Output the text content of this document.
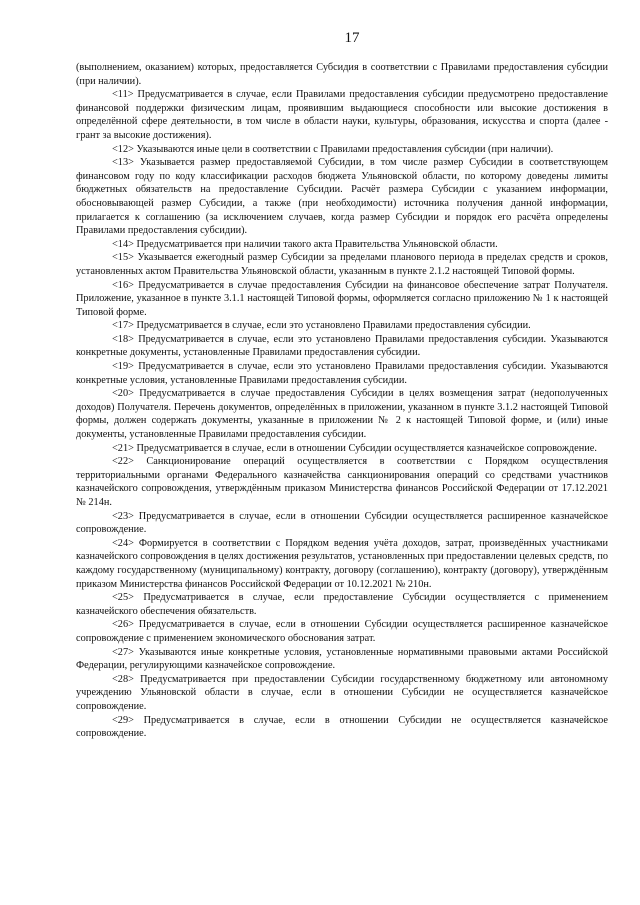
17

(выполнением, оказанием) которых, предоставляется Субсидия в соответствии с Правилами предоставления субсидии (при наличии).

<11> Предусматривается в случае, если Правилами предоставления субсидии предусмотрено предоставление финансовой поддержки физическим лицам, проявившим выдающиеся способности или высокие достижения в определённой сфере деятельности, в том числе в области науки, культуры, образования, искусства и спорта (далее - грант за высокие достижения).

<12> Указываются иные цели в соответствии с Правилами предоставления субсидии (при наличии).

<13> Указывается размер предоставляемой Субсидии, в том числе размер Субсидии в соответствующем финансовом году по коду классификации расходов бюджета Ульяновской области, по которому доведены лимиты бюджетных обязательств на предоставление Субсидии. Расчёт размера Субсидии с указанием информации, обосновывающей размер Субсидии, а также (при необходимости) источника получения данной информации, прилагается к соглашению (за исключением случаев, когда размер Субсидии и порядок его расчёта определены Правилами предоставления субсидии).

<14> Предусматривается при наличии такого акта Правительства Ульяновской области.

<15> Указывается ежегодный размер Субсидии за пределами планового периода в пределах средств и сроков, установленных актом Правительства Ульяновской области, указанным в пункте 2.1.2 настоящей Типовой формы.

<16> Предусматривается в случае предоставления Субсидии на финансовое обеспечение затрат Получателя. Приложение, указанное в пункте 3.1.1 настоящей Типовой формы, оформляется согласно приложению № 1 к настоящей Типовой форме.

<17> Предусматривается в случае, если это установлено Правилами предоставления субсидии.

<18> Предусматривается в случае, если это установлено Правилами предоставления субсидии. Указываются конкретные документы, установленные Правилами предоставления субсидии.

<19> Предусматривается в случае, если это установлено Правилами предоставления субсидии. Указываются конкретные условия, установленные Правилами предоставления субсидии.

<20> Предусматривается в случае предоставления Субсидии в целях возмещения затрат (недополученных доходов) Получателя. Перечень документов, определённых в приложении, указанном в пункте 3.1.2 настоящей Типовой формы, должен содержать документы, указанные в приложении № 2 к настоящей Типовой форме, и (или) иные документы, установленные Правилами предоставления субсидии.

<21> Предусматривается в случае, если в отношении Субсидии осуществляется казначейское сопровождение.

<22> Санкционирование операций осуществляется в соответствии с Порядком осуществления территориальными органами Федерального казначейства санкционирования операций со средствами участников казначейского сопровождения, утверждённым приказом Министерства финансов Российской Федерации от 17.12.2021 № 214н.

<23> Предусматривается в случае, если в отношении Субсидии осуществляется расширенное казначейское сопровождение.

<24> Формируется в соответствии с Порядком ведения учёта доходов, затрат, произведённых участниками казначейского сопровождения в целях достижения результатов, установленных при предоставлении целевых средств, по каждому государственному (муниципальному) контракту, договору (соглашению), контракту (договору), утверждённым приказом Министерства финансов Российской Федерации от 10.12.2021 № 210н.

<25> Предусматривается в случае, если предоставление Субсидии осуществляется с применением казначейского обеспечения обязательств.

<26> Предусматривается в случае, если в отношении Субсидии осуществляется расширенное казначейское сопровождение с применением экономического обоснования затрат.

<27> Указываются иные конкретные условия, установленные нормативными правовыми актами Российской Федерации, регулирующими казначейское сопровождение.

<28> Предусматривается при предоставлении Субсидии государственному бюджетному или автономному учреждению Ульяновской области в случае, если в отношении Субсидии не осуществляется казначейское сопровождение.

<29> Предусматривается в случае, если в отношении Субсидии не осуществляется казначейское сопровождение.
